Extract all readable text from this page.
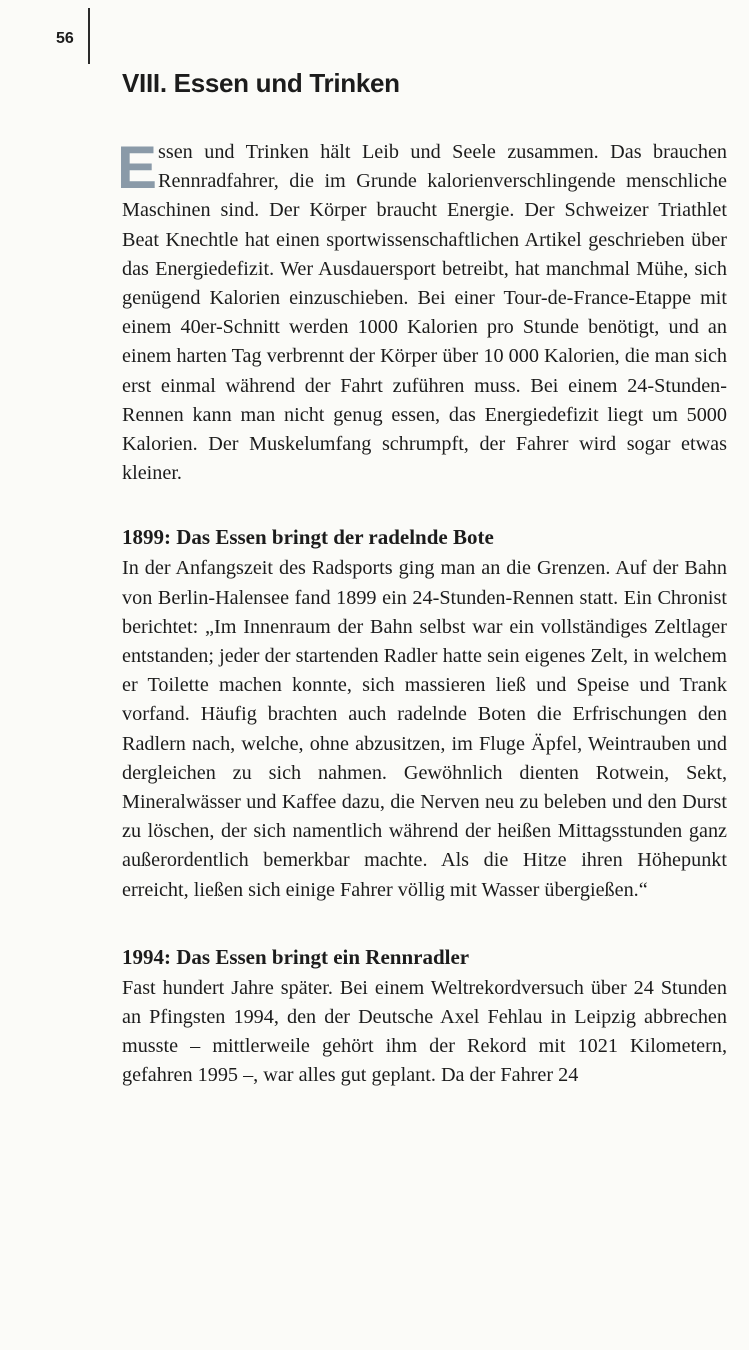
56
VIII. Essen und Trinken

Essen und Trinken hält Leib und Seele zusammen. Das brauchen Rennradfahrer, die im Grunde kalorienverschlingende menschliche Maschinen sind. Der Körper braucht Energie. Der Schweizer Triathlet Beat Knechtle hat einen sportwissenschaftlichen Artikel geschrieben über das Energiedefizit. Wer Ausdauersport betreibt, hat manchmal Mühe, sich genügend Kalorien einzuschieben. Bei einer Tour-de-France-Etappe mit einem 40er-Schnitt werden 1000 Kalorien pro Stunde benötigt, und an einem harten Tag verbrennt der Körper über 10 000 Kalorien, die man sich erst einmal während der Fahrt zuführen muss. Bei einem 24-Stunden-Rennen kann man nicht genug essen, das Energiedefizit liegt um 5000 Kalorien. Der Muskelumfang schrumpft, der Fahrer wird sogar etwas kleiner.

1899: Das Essen bringt der radelnde Bote

In der Anfangszeit des Radsports ging man an die Grenzen. Auf der Bahn von Berlin-Halensee fand 1899 ein 24-Stunden-Rennen statt. Ein Chronist berichtet: „Im Innenraum der Bahn selbst war ein vollständiges Zeltlager entstanden; jeder der startenden Radler hatte sein eigenes Zelt, in welchem er Toilette machen konnte, sich massieren ließ und Speise und Trank vorfand. Häufig brachten auch radelnde Boten die Erfrischungen den Radlern nach, welche, ohne abzusitzen, im Fluge Äpfel, Weintrauben und dergleichen zu sich nahmen. Gewöhnlich dienten Rotwein, Sekt, Mineralwässer und Kaffee dazu, die Nerven neu zu beleben und den Durst zu löschen, der sich namentlich während der heißen Mittagsstunden ganz außerordentlich bemerkbar machte. Als die Hitze ihren Höhepunkt erreicht, ließen sich einige Fahrer völlig mit Wasser übergießen.“

1994: Das Essen bringt ein Rennradler

Fast hundert Jahre später. Bei einem Weltrekordversuch über 24 Stunden an Pfingsten 1994, den der Deutsche Axel Fehlau in Leipzig abbrechen musste – mittlerweile gehört ihm der Rekord mit 1021 Kilometern, gefahren 1995 –, war alles gut geplant. Da der Fahrer 24
